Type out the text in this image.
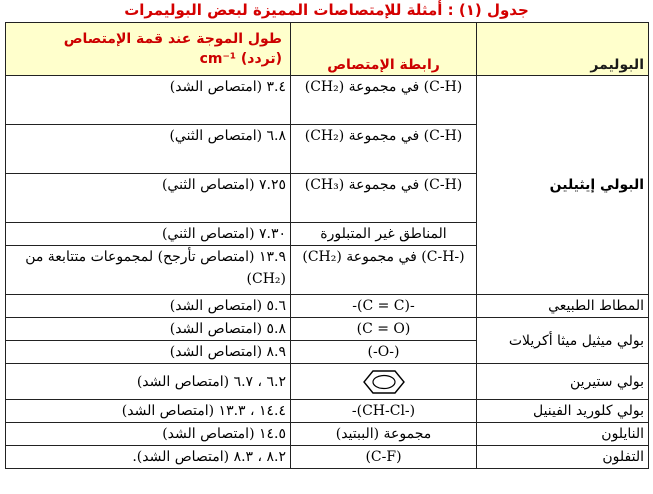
جدول (١) : أمثلة للإمتصاصات المميزة لبعض البوليمرات
البوليمر	رابطة الإمتصاص	طول الموجة عند قمة الإمتصاص
(تردد) cm⁻¹

البولي إيثيلين	(C-H) في مجموعة (CH₂)	٣.٤ (امتصاص الشد)
	(C-H) في مجموعة (CH₂)	٦.٨ (امتصاص الثني)
	(C-H) في مجموعة (CH₃)	٧.٢٥ (امتصاص الثني)
	المناطق غير المتبلورة	٧.٣٠ (امتصاص الثني)
	(-C-H) في مجموعة (CH₂)	١٣.٩ (امتصاص تأرجح) لمجموعات متتابعة من (CH₂)
المطاط الطبيعي	-(C = C)-	٥.٦ (امتصاص الشد)
بولي ميثيل ميثا أكريلات	(C = O)	٥.٨ (امتصاص الشد)
	(-O-)	٨.٩ (امتصاص الشد)
بولي ستيرين		٦.٢ ، ٦.٧ (امتصاص الشد)
بولي كلوريد الفينيل	(-CH-Cl)-	١٤.٤ ، ١٣.٣ (امتصاص الشد)
النايلون	مجموعة (الببتيد)	١٤.٥ (امتصاص الشد)
التفلون	(C-F)	٨.٢ ، ٨.٣ (امتصاص الشد).
